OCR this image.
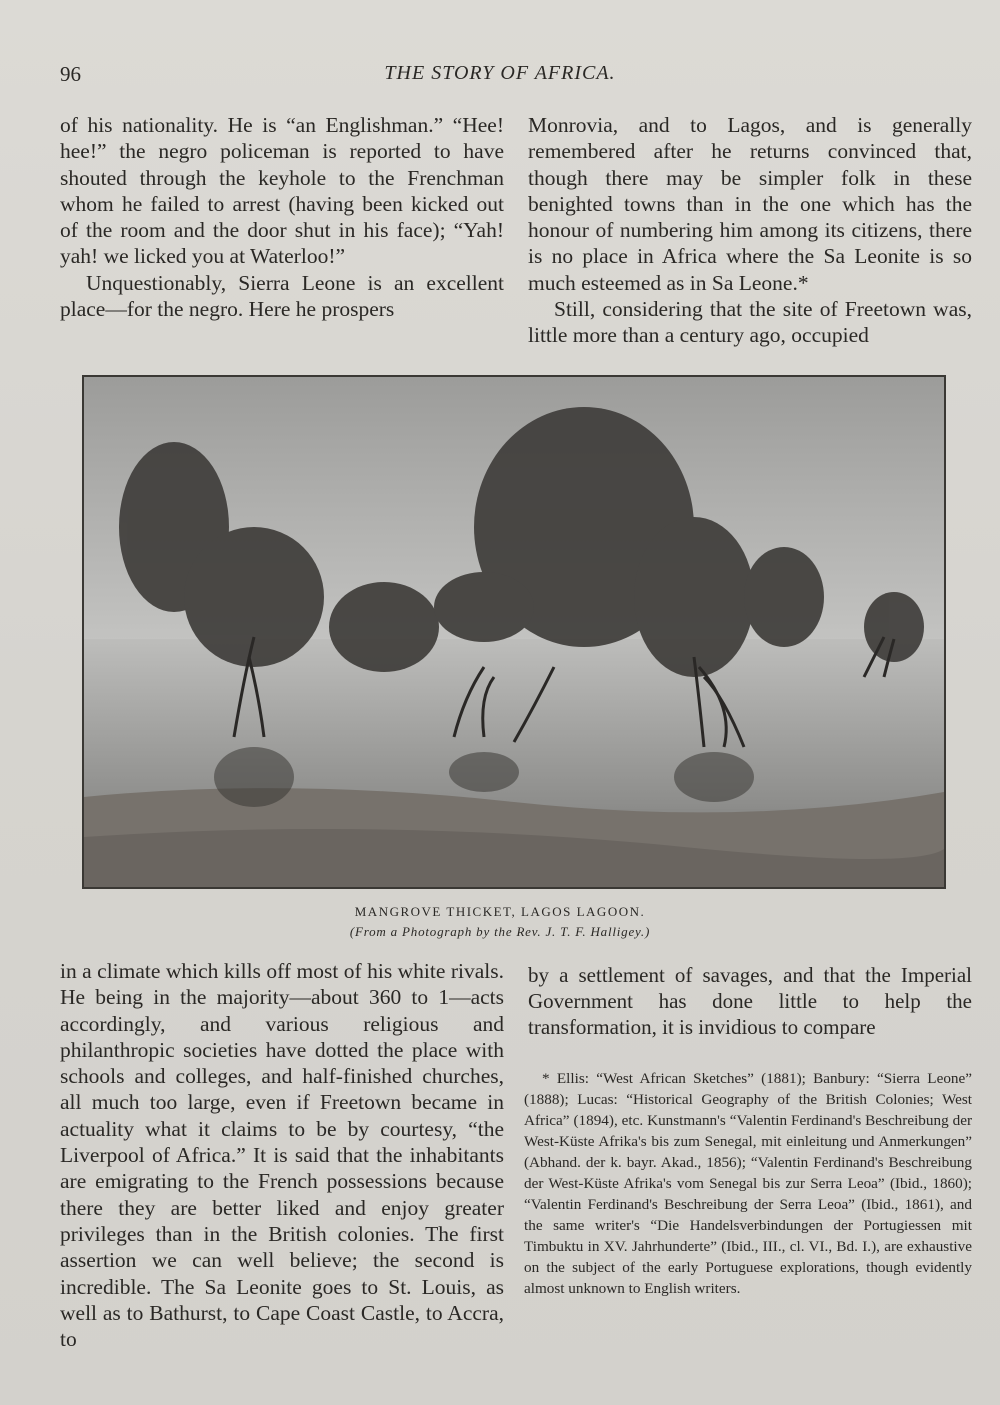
96	THE STORY OF AFRICA.

of his nationality. He is “an Englishman.” “Hee! hee!” the negro policeman is reported to have shouted through the keyhole to the Frenchman whom he failed to arrest (having been kicked out of the room and the door shut in his face); “Yah! yah! we licked you at Waterloo!”

Unquestionably, Sierra Leone is an excellent place—for the negro. Here he prospers

Monrovia, and to Lagos, and is generally remembered after he returns convinced that, though there may be simpler folk in these benighted towns than in the one which has the honour of numbering him among its citizens, there is no place in Africa where the Sa Leonite is so much esteemed as in Sa Leone.*

Still, considering that the site of Freetown was, little more than a century ago, occupied

MANGROVE THICKET, LAGOS LAGOON.
(From a Photograph by the Rev. J. T. F. Halligey.)

in a climate which kills off most of his white rivals. He being in the majority—about 360 to 1—acts accordingly, and various religious and philanthropic societies have dotted the place with schools and colleges, and half-finished churches, all much too large, even if Freetown became in actuality what it claims to be by courtesy, “the Liverpool of Africa.” It is said that the inhabitants are emigrating to the French possessions because there they are better liked and enjoy greater privileges than in the British colonies. The first assertion we can well believe; the second is incredible. The Sa Leonite goes to St. Louis, as well as to Bathurst, to Cape Coast Castle, to Accra, to

by a settlement of savages, and that the Imperial Government has done little to help the transformation, it is invidious to compare

* Ellis: “West African Sketches” (1881); Banbury: “Sierra Leone” (1888); Lucas: “Historical Geography of the British Colonies; West Africa” (1894), etc. Kunstmann's “Valentin Ferdinand's Beschreibung der West-Küste Afrika's bis zum Senegal, mit einleitung und Anmerkungen” (Abhand. der k. bayr. Akad., 1856); “Valentin Ferdinand's Beschreibung der West-Küste Afrika's vom Senegal bis zur Serra Leoa” (Ibid., 1860); “Valentin Ferdinand's Beschreibung der Serra Leoa” (Ibid., 1861), and the same writer's “Die Handelsverbindungen der Portugiessen mit Timbuktu in XV. Jahrhunderte” (Ibid., III., cl. VI., Bd. I.), are exhaustive on the subject of the early Portuguese explorations, though evidently almost unknown to English writers.
